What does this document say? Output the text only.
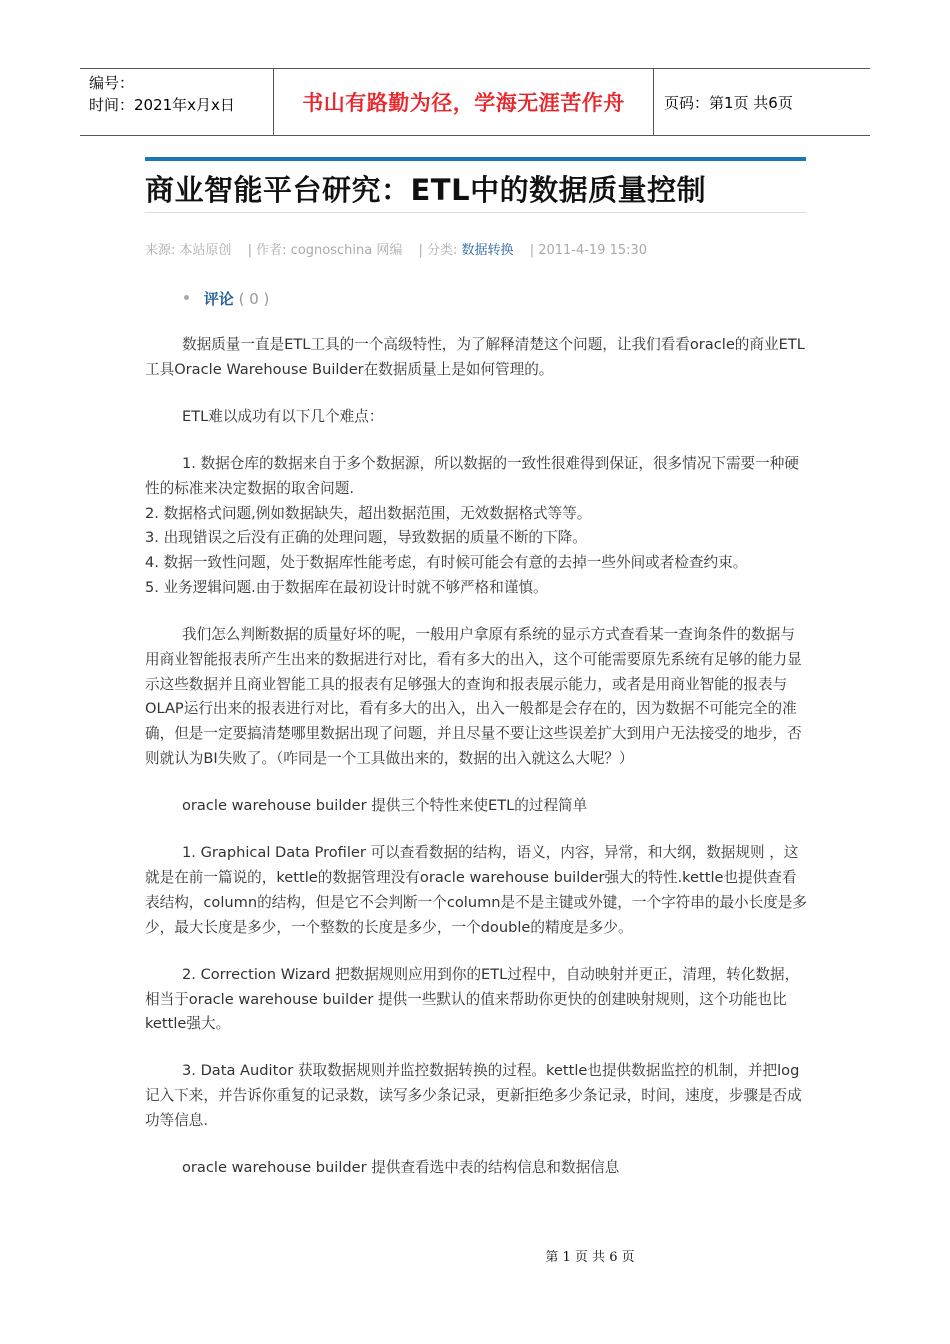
编号：
时间：2021年x月x日	书山有路勤为径，学海无涯苦作舟	页码：第1页 共6页
商业智能平台研究：ETL中的数据质量控制
来源: 本站原创 | 作者: cognoschina 网编 | 分类: 数据转换 | 2011-4-19 15:30
评论 ( 0 )

数据质量一直是ETL工具的一个高级特性，为了解释清楚这个问题，让我们看看oracle的商业ETL工具Oracle Warehouse Builder在数据质量上是如何管理的。

ETL难以成功有以下几个难点：

1. 数据仓库的数据来自于多个数据源，所以数据的一致性很难得到保证，很多情况下需要一种硬性的标准来决定数据的取舍问题.

2. 数据格式问题,例如数据缺失，超出数据范围，无效数据格式等等。

3. 出现错误之后没有正确的处理问题，导致数据的质量不断的下降。

4. 数据一致性问题，处于数据库性能考虑，有时候可能会有意的去掉一些外间或者检查约束。

5. 业务逻辑问题.由于数据库在最初设计时就不够严格和谨慎。

我们怎么判断数据的质量好坏的呢，一般用户拿原有系统的显示方式查看某一查询条件的数据与用商业智能报表所产生出来的数据进行对比，看有多大的出入，这个可能需要原先系统有足够的能力显示这些数据并且商业智能工具的报表有足够强大的查询和报表展示能力，或者是用商业智能的报表与OLAP运行出来的报表进行对比，看有多大的出入，出入一般都是会存在的，因为数据不可能完全的准确，但是一定要搞清楚哪里数据出现了问题，并且尽量不要让这些误差扩大到用户无法接受的地步，否则就认为BI失败了。（咋同是一个工具做出来的，数据的出入就这么大呢？）

oracle warehouse builder 提供三个特性来使ETL的过程简单

1. Graphical Data Profiler 可以查看数据的结构，语义，内容，异常，和大纲，数据规则 ，这就是在前一篇说的，kettle的数据管理没有oracle warehouse builder强大的特性.kettle也提供查看表结构，column的结构，但是它不会判断一个column是不是主键或外键，一个字符串的最小长度是多少，最大长度是多少，一个整数的长度是多少，一个double的精度是多少。

2. Correction Wizard 把数据规则应用到你的ETL过程中，自动映射并更正，清理，转化数据， 相当于oracle warehouse builder 提供一些默认的值来帮助你更快的创建映射规则，这个功能也比kettle强大。

3. Data Auditor 获取数据规则并监控数据转换的过程。kettle也提供数据监控的机制，并把log记入下来，并告诉你重复的记录数，读写多少条记录，更新拒绝多少条记录，时间，速度，步骤是否成功等信息.

oracle warehouse builder 提供查看选中表的结构信息和数据信息

第 1 页 共 6 页
